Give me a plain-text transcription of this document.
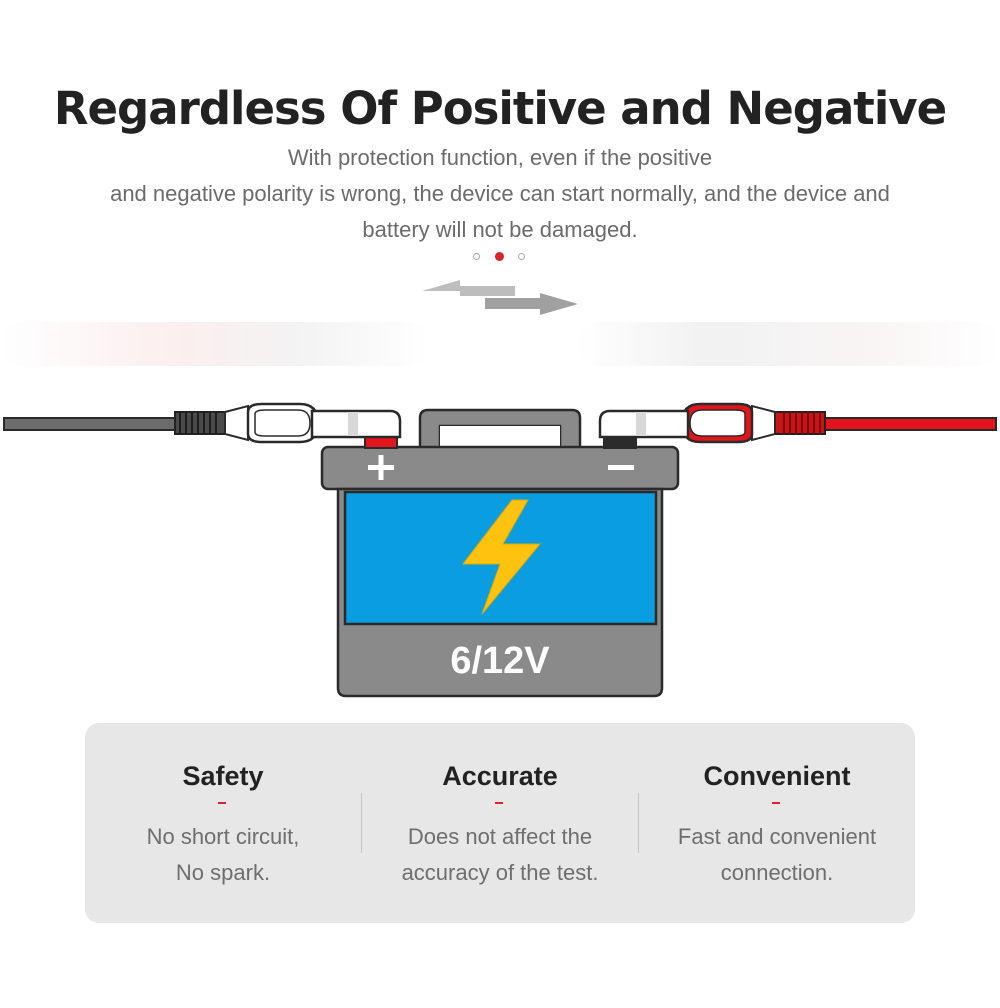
Regardless Of Positive and Negative

With protection function, even if the positive

and negative polarity is wrong, the device can start normally, and the device and

battery will not be damaged.

6/12V
Safety

No short circuit,
No spark.

Accurate

Does not affect the
accuracy of the test.

Convenient

Fast and convenient
connection.
